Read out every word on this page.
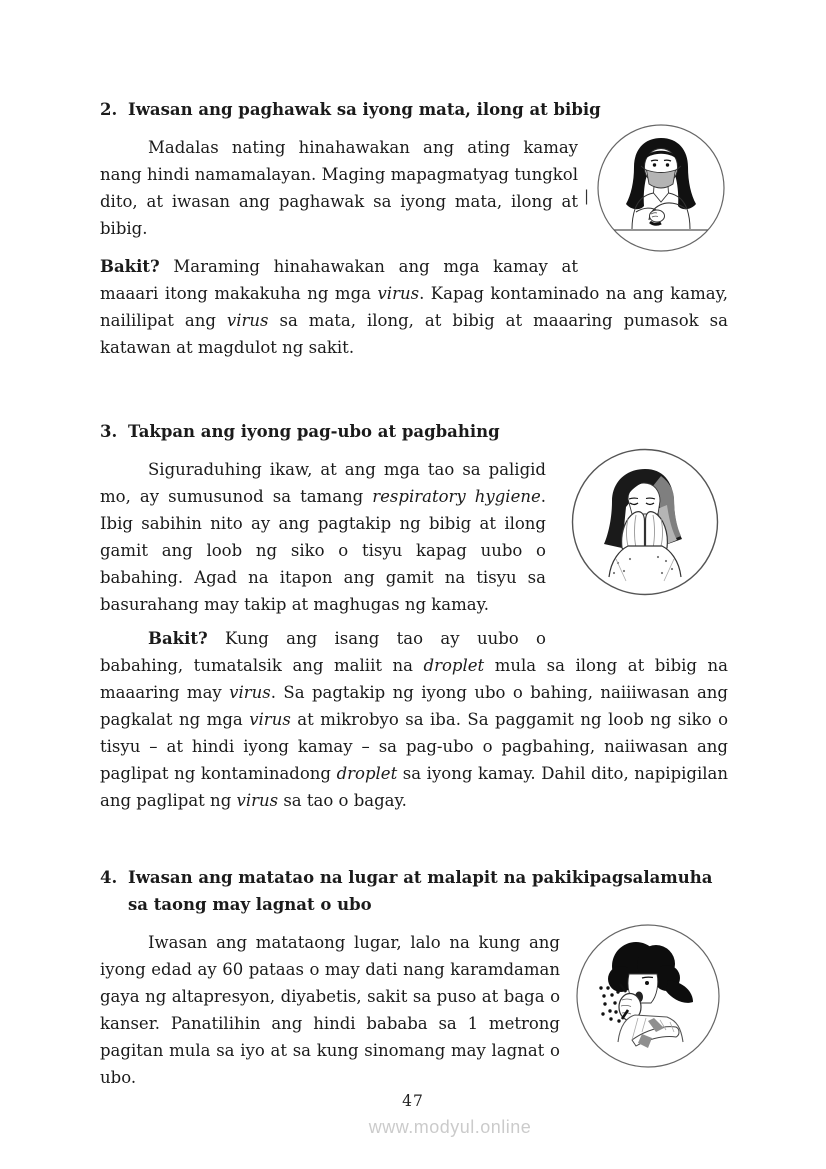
2. Iwasan ang paghawak sa iyong mata, ilong at bibig

Madalas nating hinahawakan ang ating kamay nang hindi namamalayan. Maging mapagmatyag tungkol dito, at iwasan ang paghawak sa iyong mata, ilong at bibig.

Bakit? Maraming hinahawakan ang mga kamay at maaari itong makakuha ng mga virus. Kapag kontaminado na ang kamay, naililipat ang virus sa mata, ilong, at bibig at maaaring pumasok sa katawan at magdulot ng sakit.

3. Takpan ang iyong pag-ubo at pagbahing

Siguraduhing ikaw, at ang mga tao sa paligid mo, ay sumusunod sa tamang respiratory hygiene. Ibig sabihin nito ay ang pagtakip ng bibig at ilong gamit ang loob ng siko o tisyu kapag uubo o babahing. Agad na itapon ang gamit na tisyu sa basurahang may takip at maghugas ng kamay.

Bakit? Kung ang isang tao ay uubo o babahing, tumatalsik ang maliit na droplet mula sa ilong at bibig na maaaring may virus. Sa pagtakip ng iyong ubo o bahing, naiiiwasan ang pagkalat ng mga virus at mikrobyo sa iba. Sa paggamit ng loob ng siko o tisyu – at hindi iyong kamay – sa pag-ubo o pagbahing, naiiwasan ang paglipat ng kontaminadong droplet sa iyong kamay. Dahil dito, napipigilan ang paglipat ng virus sa tao o bagay.

4. Iwasan ang matatao na lugar at malapit na pakikipagsalamuha sa taong may lagnat o ubo

Iwasan ang matataong lugar, lalo na kung ang iyong edad ay 60 pataas o may dati nang karamdaman gaya ng altapresyon, diyabetis, sakit sa puso at baga o kanser. Panatilihin ang hindi bababa sa 1 metrong pagitan mula sa iyo at sa kung sinomang may lagnat o ubo.

|
47
www.modyul.online
